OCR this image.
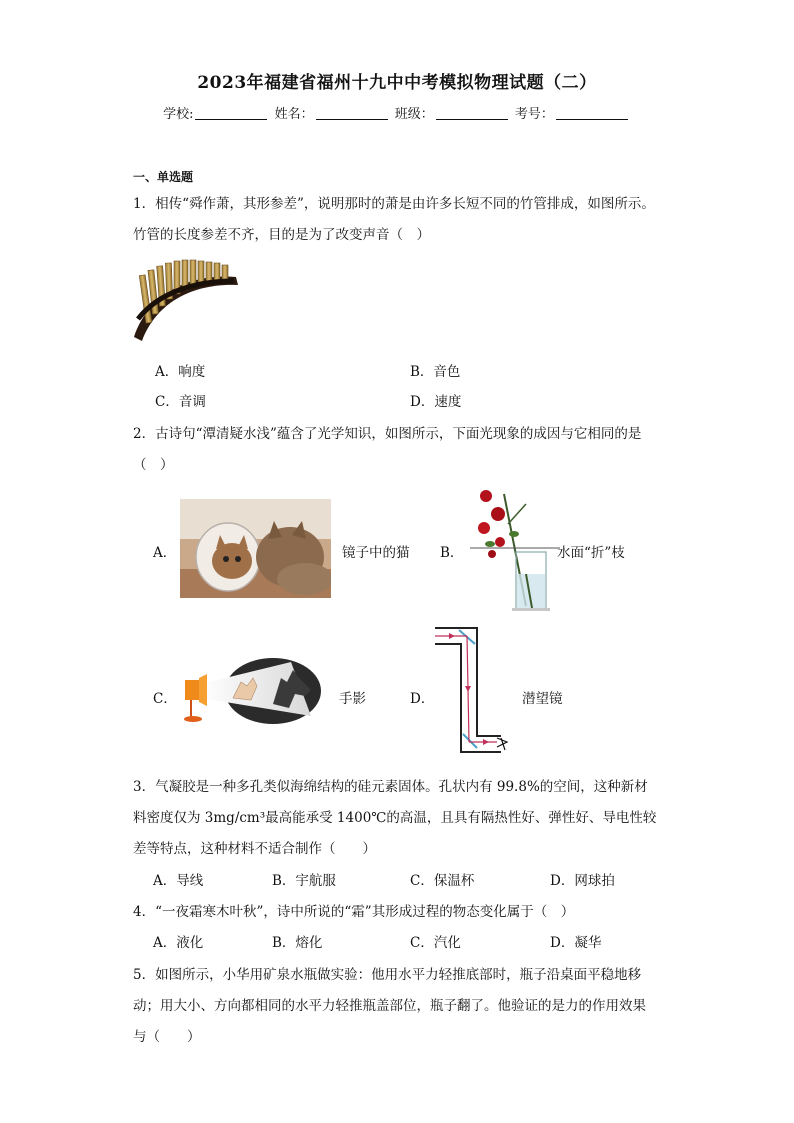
2023年福建省福州十九中中考模拟物理试题（二）
学校:	姓名：	班级：	考号：
一、单选题
1．相传“舜作萧，其形参差”，说明那时的萧是由许多长短不同的竹管排成，如图所示。
竹管的长度参差不齐，目的是为了改变声音（　）
A．响度	B．音色
C．音调	D．速度
2．古诗句“潭清疑水浅”蕴含了光学知识，如图所示，下面光现象的成因与它相同的是
（　）
A．	镜子中的猫 B．	水面“折”枝
C．	手影	D．	潜望镜
3．气凝胶是一种多孔类似海绵结构的硅元素固体。孔状内有 99.8%的空间，这种新材
料密度仅为 3mg/cm³最高能承受 1400℃的高温，且具有隔热性好、弹性好、导电性较
差等特点，这种材料不适合制作（　　）
A．导线	B．宇航服	C．保温杯	D．网球拍
4．“一夜霜寒木叶秋”，诗中所说的“霜”其形成过程的物态变化属于（　）
A．液化	B．熔化	C．汽化	D．凝华
5．如图所示，小华用矿泉水瓶做实验：他用水平力轻推底部时，瓶子沿桌面平稳地移
动；用大小、方向都相同的水平力轻推瓶盖部位，瓶子翻了。他验证的是力的作用效果
与（　　）
